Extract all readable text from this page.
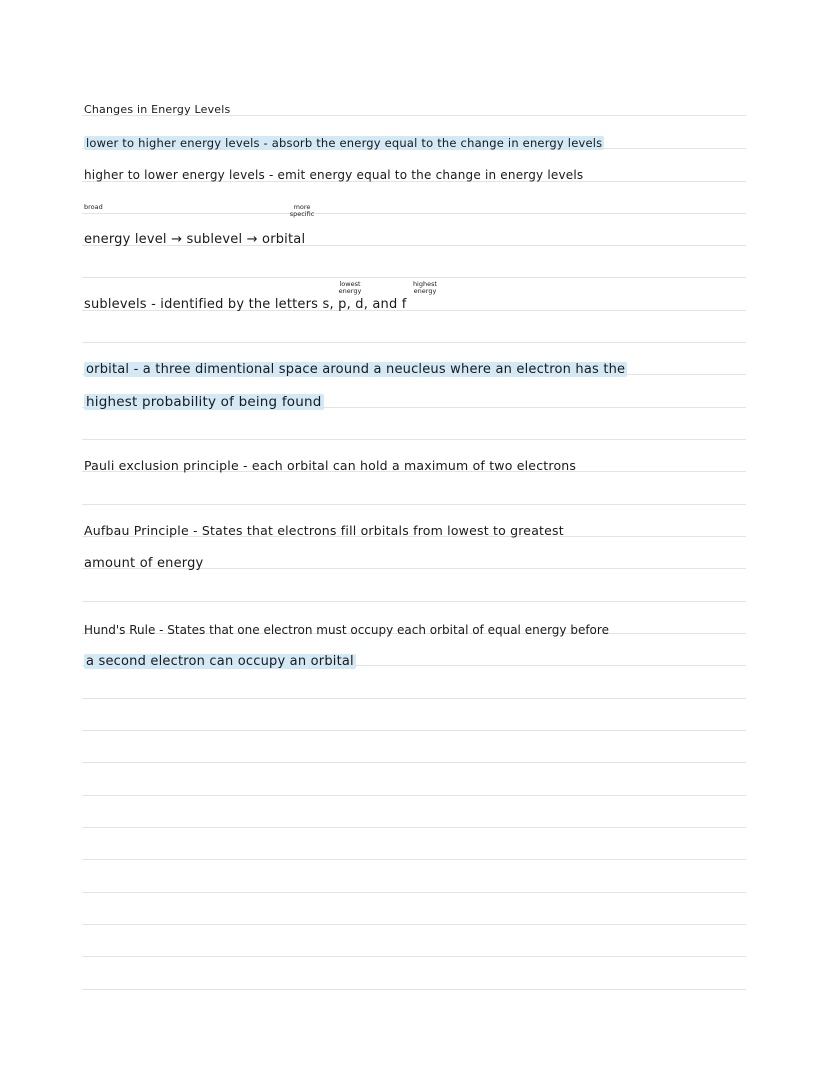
Changes in Energy Levels
lower to higher energy levels - absorb the energy equal to the change in energy levels
higher to lower energy levels - emit energy equal to the change in energy levels
broad	more specific
energy level → sublevel → orbital
lowest energy
highest energy
sublevels - identified by the letters s, p, d, and f
orbital - a three dimentional space around a neucleus where an electron has the
highest probability of being found
Pauli exclusion principle - each orbital can hold a maximum of two electrons
Aufbau Principle - States that electrons fill orbitals from lowest to greatest
amount of energy
Hund's Rule - States that one electron must occupy each orbital of equal energy before
a second electron can occupy an orbital
